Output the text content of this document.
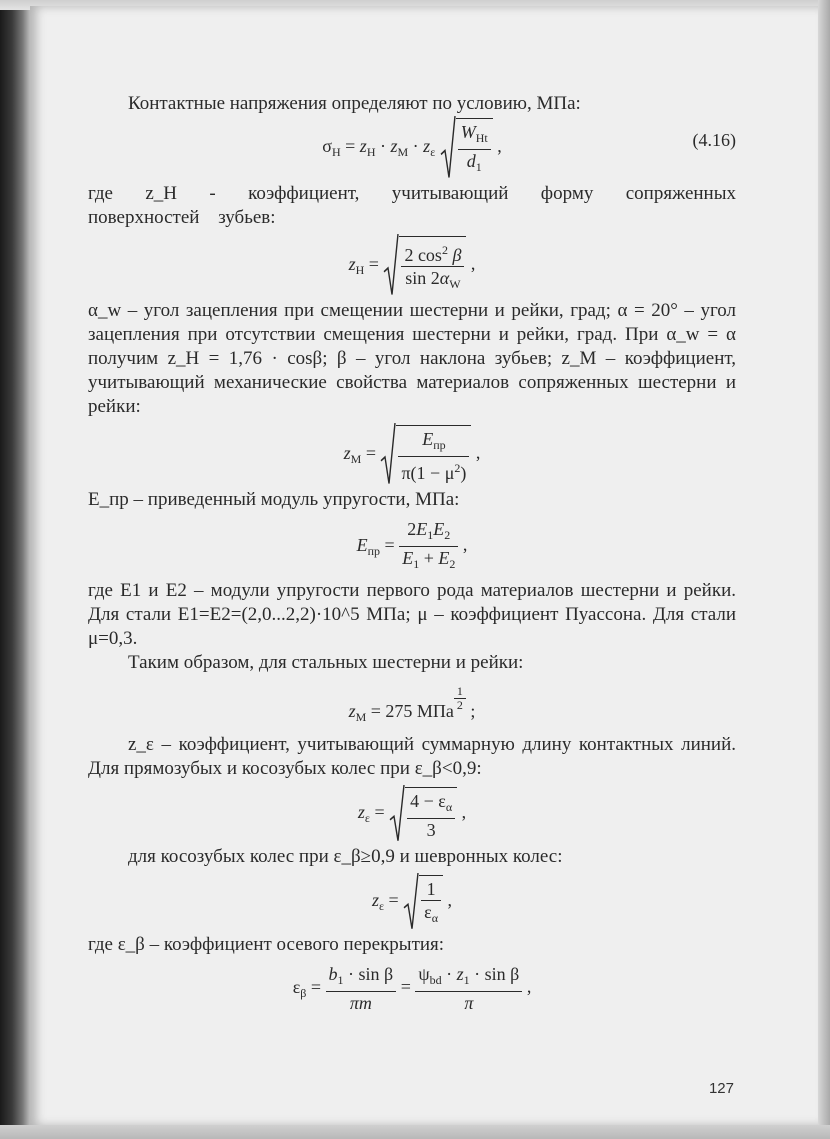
Контактные напряжения определяют по условию, МПа:

$\sigma_H = z_H \cdot z_M \cdot z_\varepsilon$
$W_{Ht}$
$d_1$
,	(4.16)

где z_H - коэффициент, учитывающий форму сопряженных поверхностей зубьев:

$z_H = \frac{2 \cos^2 \beta}{\sin 2\alpha_W}$ ,

α_w – угол зацепления при смещении шестерни и рейки, град; α = 20° – угол зацепления при отсутствии смещения шестерни и рейки, град. При α_w = α получим z_H = 1,76 · cosβ; β – угол наклона зубьев; z_M – коэффициент, учитывающий механические свойства материалов сопряженных шестерни и рейки:

$z_M$ =
$E_{пр}$
$\pi(1 - \mu^2)$
,

E_пр – приведенный модуль упругости, МПа:

$E_{пр} = \frac{2E_1E_2}{E_1 + E_2}$ ,

где E1 и E2 – модули упругости первого рода материалов шестерни и рейки. Для стали E1=E2=(2,0...2,2)·10^5 МПа; μ – коэффициент Пуассона. Для стали μ=0,3.

Таким образом, для стальных шестерни и рейки:

$z_M = 275$ МПа $\frac{1}{2}$ ;

z_ε – коэффициент, учитывающий суммарную длину контактных линий. Для прямозубых и косозубых колес при ε_β<0,9:

$z_\varepsilon = \frac{4 - \varepsilon_\alpha}{3}$ ,

для косозубых колес при ε_β≥0,9 и шевронных колес:

$z_\varepsilon = \frac{1}{\varepsilon_\alpha}$ ,

где ε_β – коэффициент осевого перекрытия:

$\varepsilon_\beta = \frac{b_1 \cdot \sin \beta}{\pi m}$ =
$\psi_{bd} \cdot z_1 \cdot \sin \beta$
π
,
127
